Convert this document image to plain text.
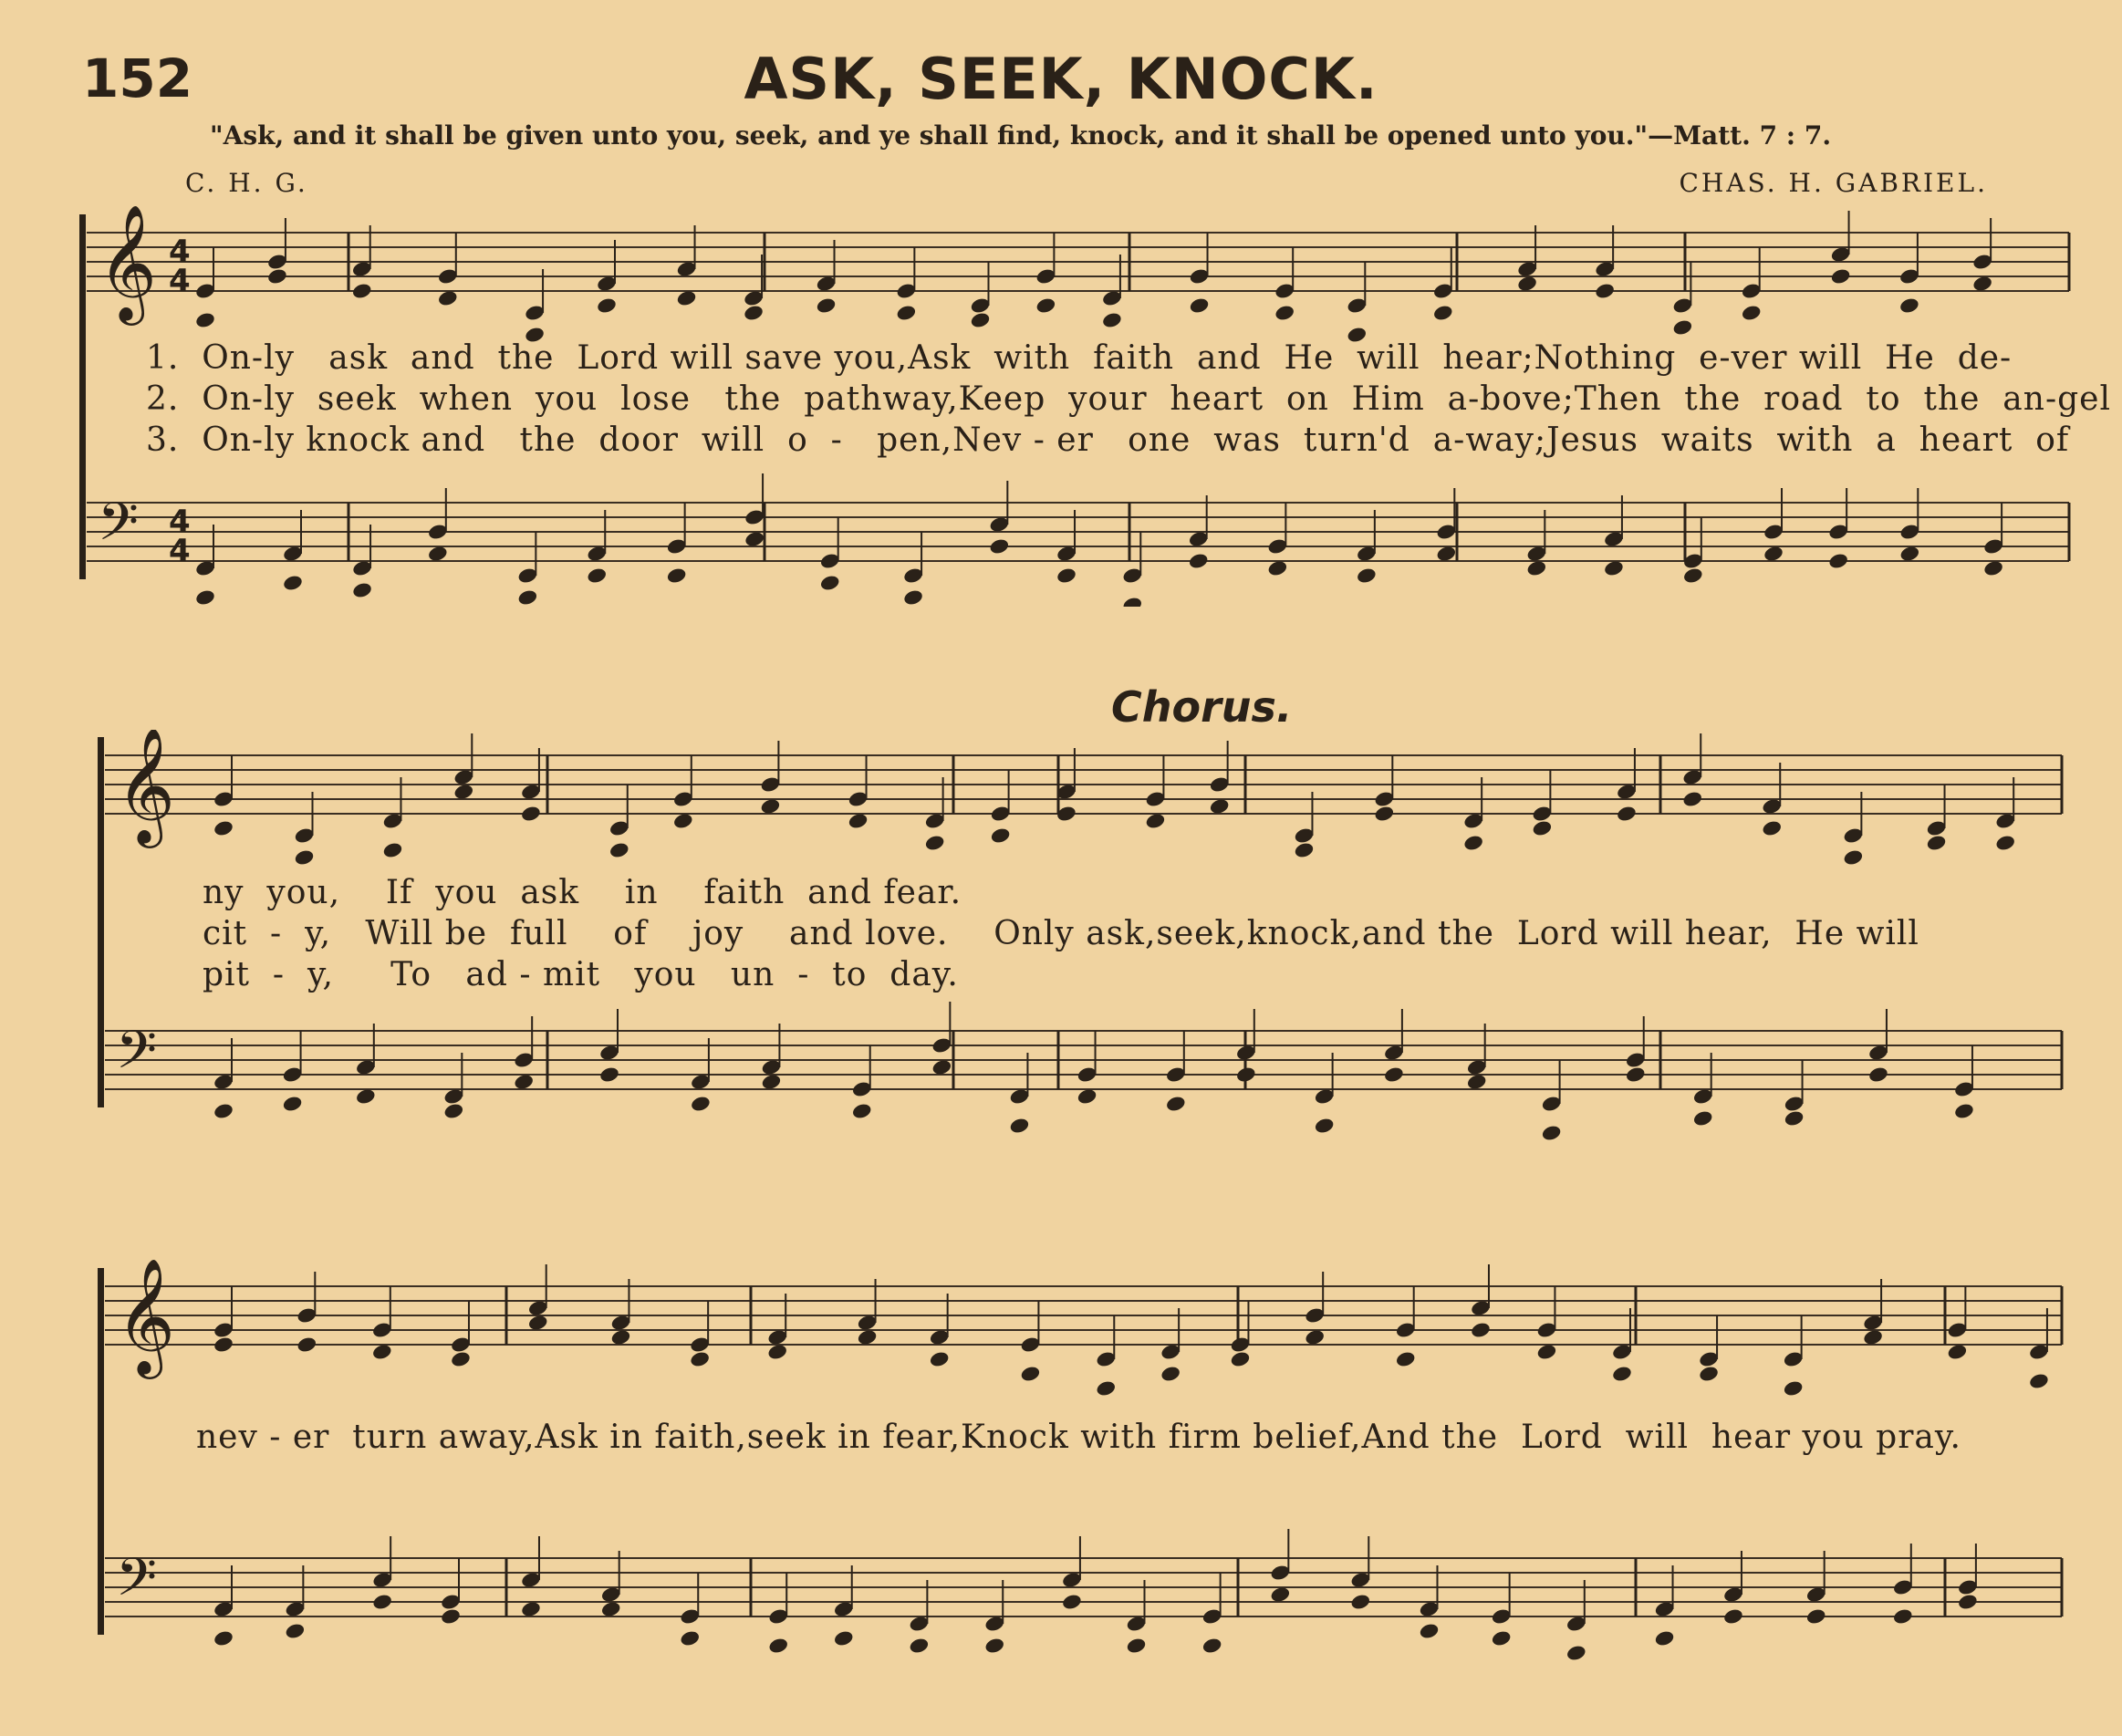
152	ASK, SEEK, KNOCK.
"Ask, and it shall be given unto you, seek, and ye shall find, knock, and it shall be opened unto you."—Matt. 7 : 7.
C. H. G.	CHAS. H. GABRIEL.
Chorus.
𝄞
𝄢
4
4
4
4
1.  On-ly   ask  and  the  Lord will save you,Ask  with  faith  and  He  will  hear;Nothing  e-ver will  He  de-
2.  On-ly  seek  when  you  lose   the  pathway,Keep  your  heart  on  Him  a-bove;Then  the  road  to  the  an-gel
3.  On-ly knock and   the  door  will  o  -   pen,Nev - er   one  was  turn'd  a-way;Jesus  waits  with  a  heart  of
𝄞
𝄢
ny  you,    If  you  ask    in    faith  and fear.
cit  -  y,   Will be  full    of    joy    and love.    Only ask,seek,knock,and the  Lord will hear,  He will
pit  -  y,     To   ad - mit   you   un  -  to  day.
𝄞
𝄢
nev - er  turn away,Ask in faith,seek in fear,Knock with firm belief,And the  Lord  will  hear you pray.
